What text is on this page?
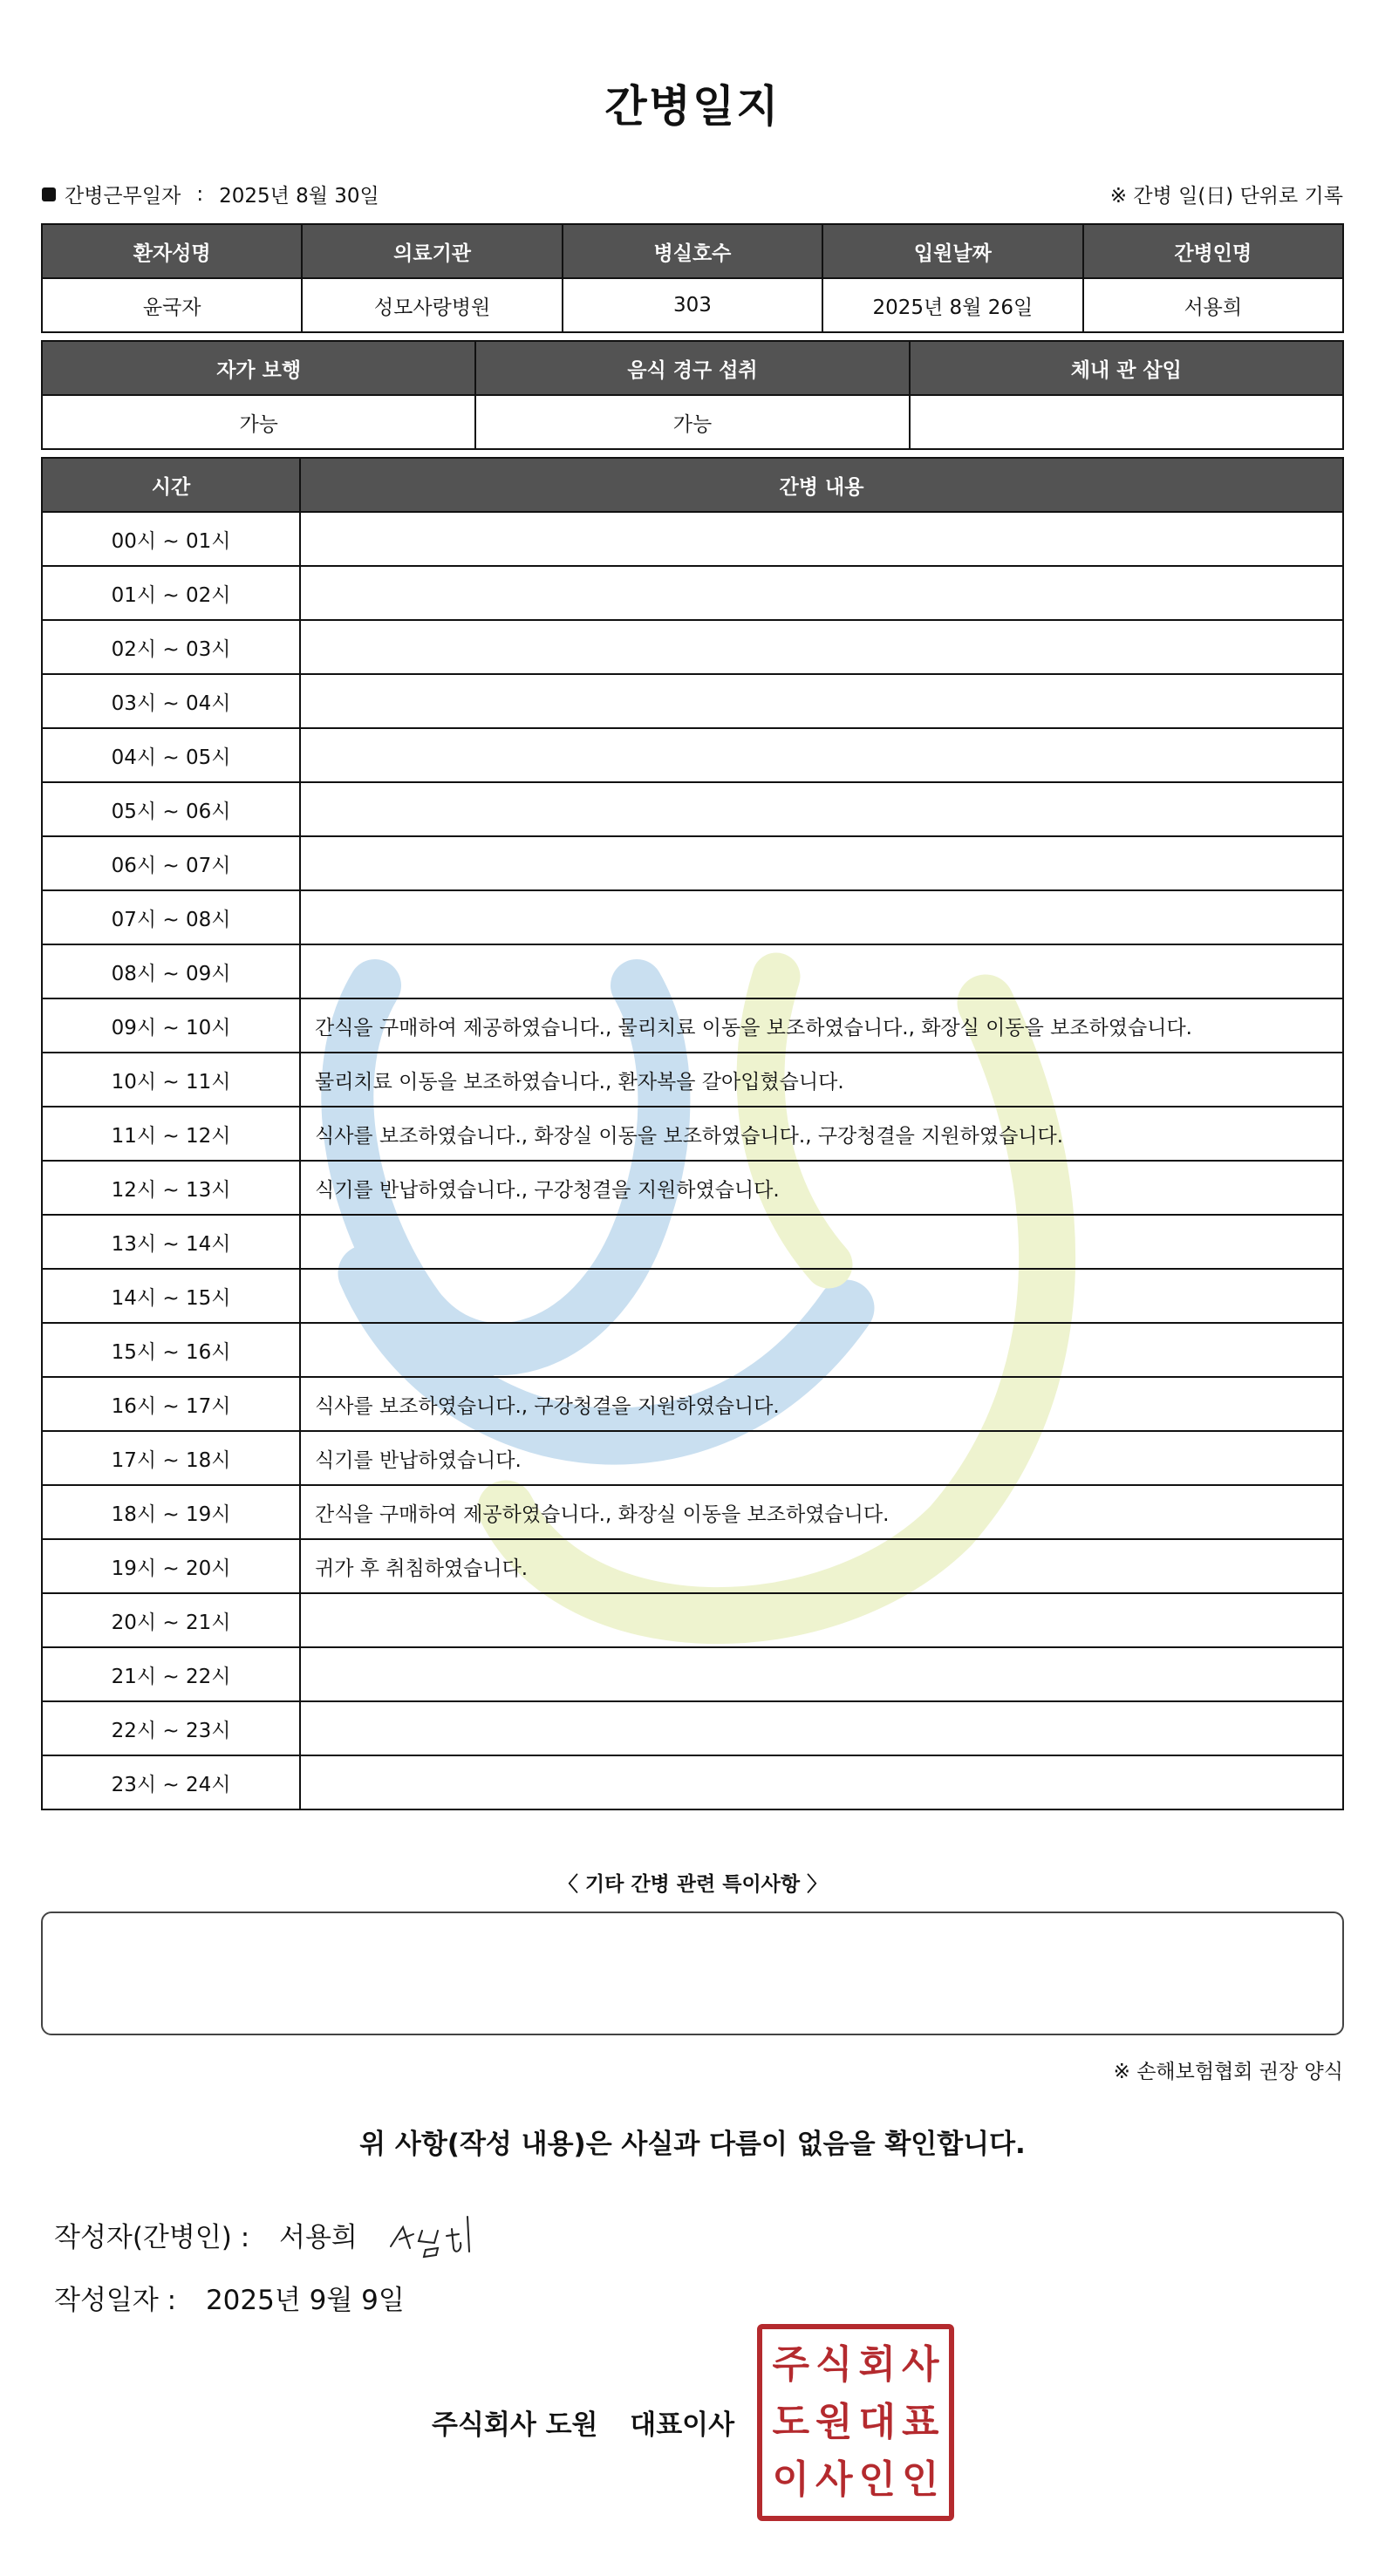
간병일지
간병근무일자 : 2025년 8월 30일	※ 간병 일(日) 단위로 기록
환자성명	의료기관	병실호수	입원날짜	간병인명
윤국자	성모사랑병원	303	2025년 8월 26일	서용희
자가 보행	음식 경구 섭취	체내 관 삽입
가능	가능	
시간	간병 내용
00시 ~ 01시	
01시 ~ 02시	
02시 ~ 03시	
03시 ~ 04시	
04시 ~ 05시	
05시 ~ 06시	
06시 ~ 07시	
07시 ~ 08시	
08시 ~ 09시	
09시 ~ 10시	간식을 구매하여 제공하였습니다., 물리치료 이동을 보조하였습니다., 화장실 이동을 보조하였습니다.
10시 ~ 11시	물리치료 이동을 보조하였습니다., 환자복을 갈아입혔습니다.
11시 ~ 12시	식사를 보조하였습니다., 화장실 이동을 보조하였습니다., 구강청결을 지원하였습니다.
12시 ~ 13시	식기를 반납하였습니다., 구강청결을 지원하였습니다.
13시 ~ 14시	
14시 ~ 15시	
15시 ~ 16시	
16시 ~ 17시	식사를 보조하였습니다., 구강청결을 지원하였습니다.
17시 ~ 18시	식기를 반납하였습니다.
18시 ~ 19시	간식을 구매하여 제공하였습니다., 화장실 이동을 보조하였습니다.
19시 ~ 20시	귀가 후 취침하였습니다.
20시 ~ 21시	
21시 ~ 22시	
22시 ~ 23시	
23시 ~ 24시	
〈 기타 간병 관련 특이사항 〉
※ 손해보험협회 권장 양식
위 사항(작성 내용)은 사실과 다름이 없음을 확인합니다.
작성자(간병인) : 서용희
작성일자 : 2025년 9월 9일
주식회사 도원 대표이사
주 식 회 사
도 원 대 표
이 사 인 인
